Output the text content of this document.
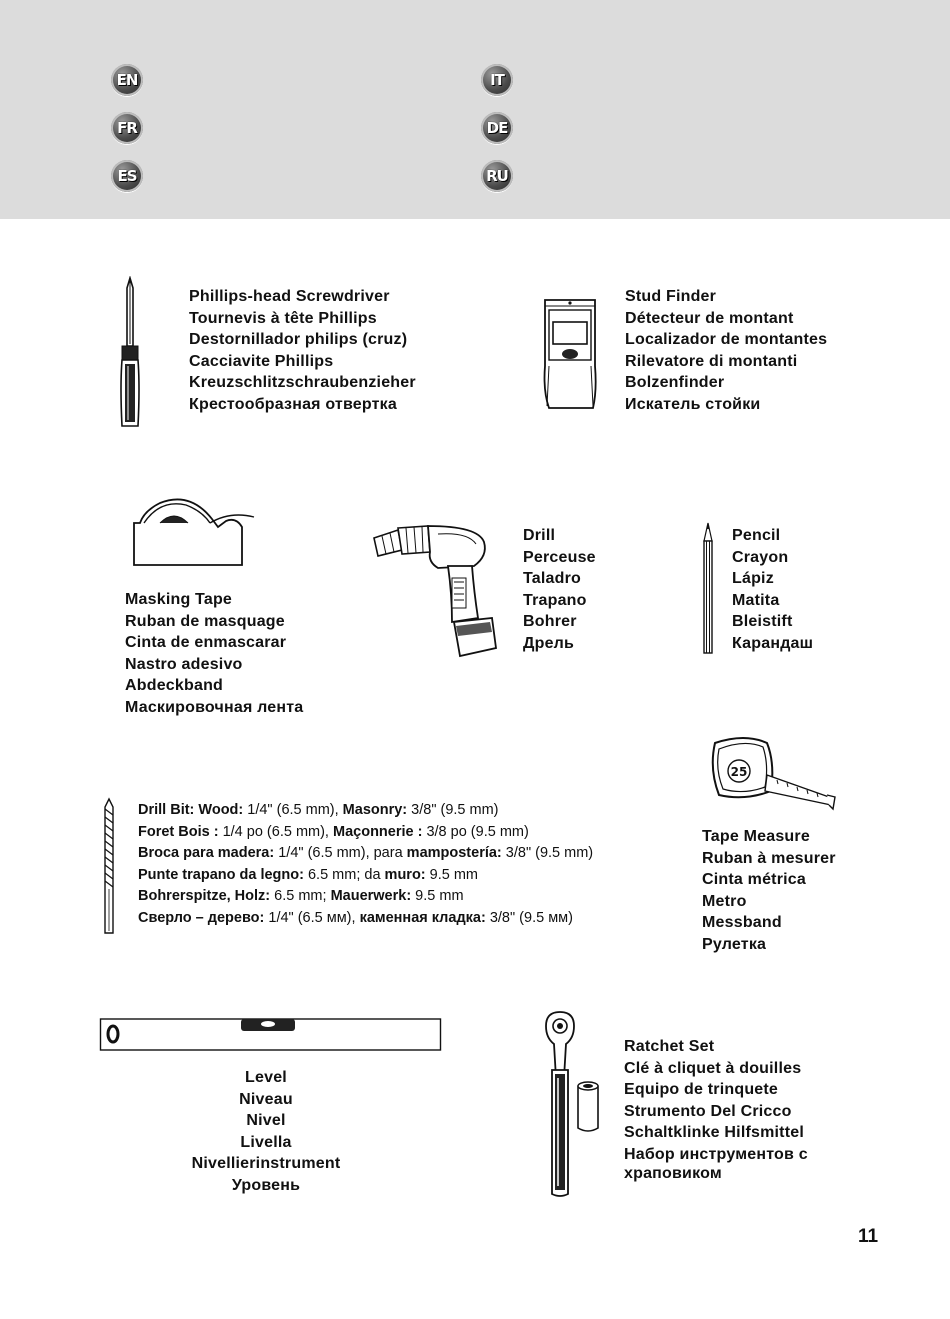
EN
FR
ES
IT
DE
RU
Phillips-head Screwdriver
Tournevis à tête Phillips
Destornillador philips (cruz)
Cacciavite Phillips
Kreuzschlitzschraubenzieher
Крестообразная отвертка
Stud Finder
Détecteur de montant
Localizador de montantes
Rilevatore di montanti
Bolzenfinder
Искатель стойки
Masking Tape
Ruban de masquage
Cinta de enmascarar
Nastro adesivo
Abdeckband
Маскировочная лента
Drill
Perceuse
Taladro
Trapano
Bohrer
Дрель
Pencil
Crayon
Lápiz
Matita
Bleistift
Карандаш
25
Tape Measure
Ruban à mesurer
Cinta métrica
Metro
Messband
Рулетка
Drill Bit: Wood: 1/4" (6.5 mm), Masonry: 3/8" (9.5 mm)
Foret Bois : 1/4 po (6.5 mm), Maçonnerie : 3/8 po (9.5 mm)
Broca para madera: 1/4" (6.5 mm), para mampostería: 3/8" (9.5 mm)
Punte trapano da legno: 6.5 mm; da muro: 9.5 mm
Bohrerspitze, Holz: 6.5 mm; Mauerwerk: 9.5 mm
Сверло – дерево: 1/4" (6.5 мм), каменная кладка: 3/8" (9.5 мм)
Level
Niveau
Nivel
Livella
Nivellierinstrument
Уровень
Ratchet Set
Clé à cliquet à douilles
Equipo de trinquete
Strumento Del Cricco
Schaltklinke Hilfsmittel
Набор инструментов с
храповиком
11
